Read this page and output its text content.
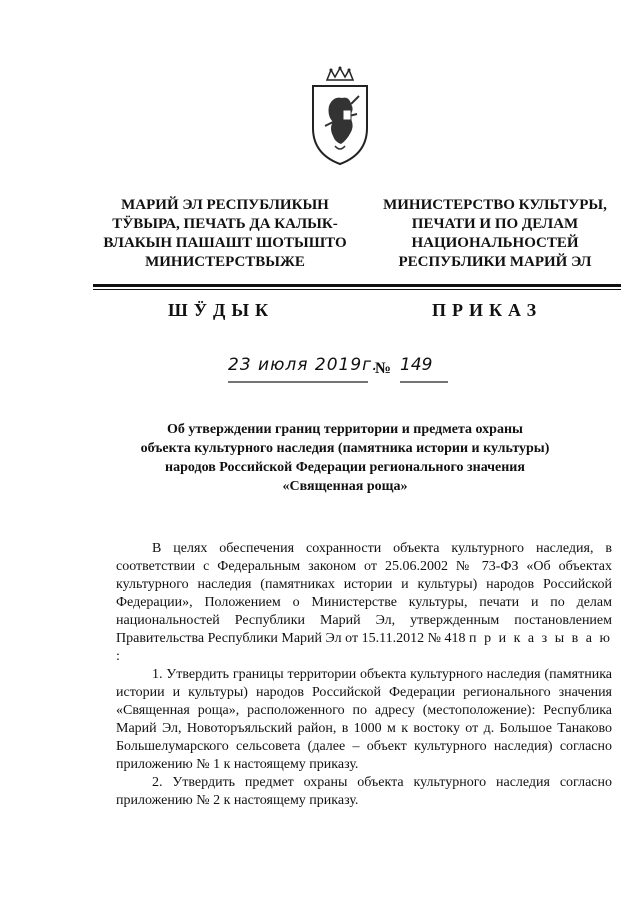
МАРИЙ ЭЛ РЕСПУБЛИКЫН
ТӰВЫРА, ПЕЧАТЬ ДА КАЛЫК-
ВЛАКЫН ПАШАШТ ШОТЫШТО
МИНИСТЕРСТВЫЖЕ
МИНИСТЕРСТВО КУЛЬТУРЫ,
ПЕЧАТИ И ПО ДЕЛАМ
НАЦИОНАЛЬНОСТЕЙ
РЕСПУБЛИКИ МАРИЙ ЭЛ
ШӰДЫК	ПРИКАЗ
23 июля 2019г.
№ 149
Об утверждении границ территории и предмета охраны
объекта культурного наследия (памятника истории и культуры)
народов Российской Федерации регионального значения
«Священная роща»

В целях обеспечения сохранности объекта культурного наследия, в соответствии с Федеральным законом от 25.06.2002 № 73-ФЗ «Об объектах культурного наследия (памятниках истории и культуры) народов Российской Федерации», Положением о Министерстве культуры, печати и по делам национальностей Республики Марий Эл, утвержденным постановлением Правительства Республики Марий Эл от 15.11.2012 № 418 п р и к а з ы в а ю :

1. Утвердить границы территории объекта культурного наследия (памятника истории и культуры) народов Российской Федерации регионального значения «Священная роща», расположенного по адресу (местоположение): Республика Марий Эл, Новоторъяльский район, в 1000 м к востоку от д. Большое Танаково Большелумарского сельсовета (далее – объект культурного наследия) согласно приложению № 1 к настоящему приказу.

2. Утвердить предмет охраны объекта культурного наследия согласно приложению № 2 к настоящему приказу.
